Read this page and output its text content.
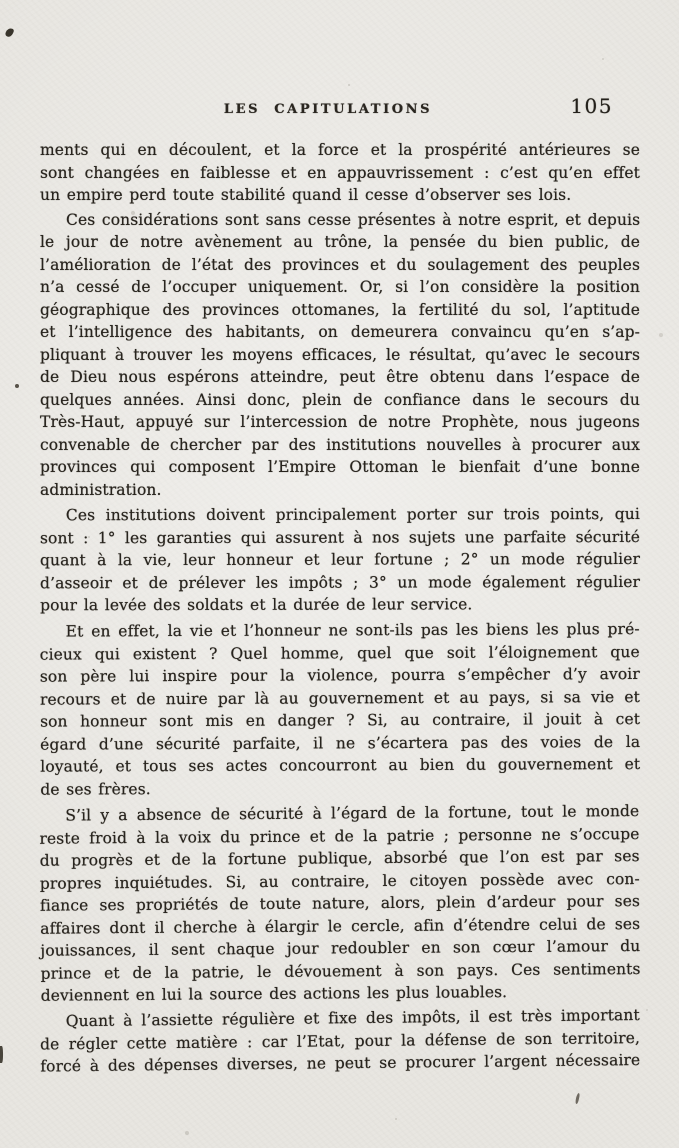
LES CAPITULATIONS	105

ments qui en découlent, et la force et la prospérité antérieures se
sont changées en faiblesse et en appauvrissement : c’est qu’en effet
un empire perd toute stabilité quand il cesse d’observer ses lois.

Ces considérations sont sans cesse présentes à notre esprit, et depuis
le jour de notre avènement au trône, la pensée du bien public, de
l’amélioration de l’état des provinces et du soulagement des peuples
n’a cessé de l’occuper uniquement. Or, si l’on considère la position
géographique des provinces ottomanes, la fertilité du sol, l’aptitude
et l’intelligence des habitants, on demeurera convaincu qu’en s’ap-
pliquant à trouver les moyens efficaces, le résultat, qu’avec le secours
de Dieu nous espérons atteindre, peut être obtenu dans l’espace de
quelques années. Ainsi donc, plein de confiance dans le secours du
Très-Haut, appuyé sur l’intercession de notre Prophète, nous jugeons
convenable de chercher par des institutions nouvelles à procurer aux
provinces qui composent l’Empire Ottoman le bienfait d’une bonne
administration.

Ces institutions doivent principalement porter sur trois points, qui
sont : 1° les garanties qui assurent à nos sujets une parfaite sécurité
quant à la vie, leur honneur et leur fortune ; 2° un mode régulier
d’asseoir et de prélever les impôts ; 3° un mode également régulier
pour la levée des soldats et la durée de leur service.

Et en effet, la vie et l’honneur ne sont-ils pas les biens les plus pré-
cieux qui existent ? Quel homme, quel que soit l’éloignement que
son père lui inspire pour la violence, pourra s’empêcher d’y avoir
recours et de nuire par là au gouvernement et au pays, si sa vie et
son honneur sont mis en danger ? Si, au contraire, il jouit à cet
égard d’une sécurité parfaite, il ne s’écartera pas des voies de la
loyauté, et tous ses actes concourront au bien du gouvernement et
de ses frères.

S’il y a absence de sécurité à l’égard de la fortune, tout le monde
reste froid à la voix du prince et de la patrie ; personne ne s’occupe
du progrès et de la fortune publique, absorbé que l’on est par ses
propres inquiétudes. Si, au contraire, le citoyen possède avec con-
fiance ses propriétés de toute nature, alors, plein d’ardeur pour ses
affaires dont il cherche à élargir le cercle, afin d’étendre celui de ses
jouissances, il sent chaque jour redoubler en son cœur l’amour du
prince et de la patrie, le dévouement à son pays. Ces sentiments
deviennent en lui la source des actions les plus louables.

Quant à l’assiette régulière et fixe des impôts, il est très important
de régler cette matière : car l’Etat, pour la défense de son territoire,
forcé à des dépenses diverses, ne peut se procurer l’argent nécessaire
